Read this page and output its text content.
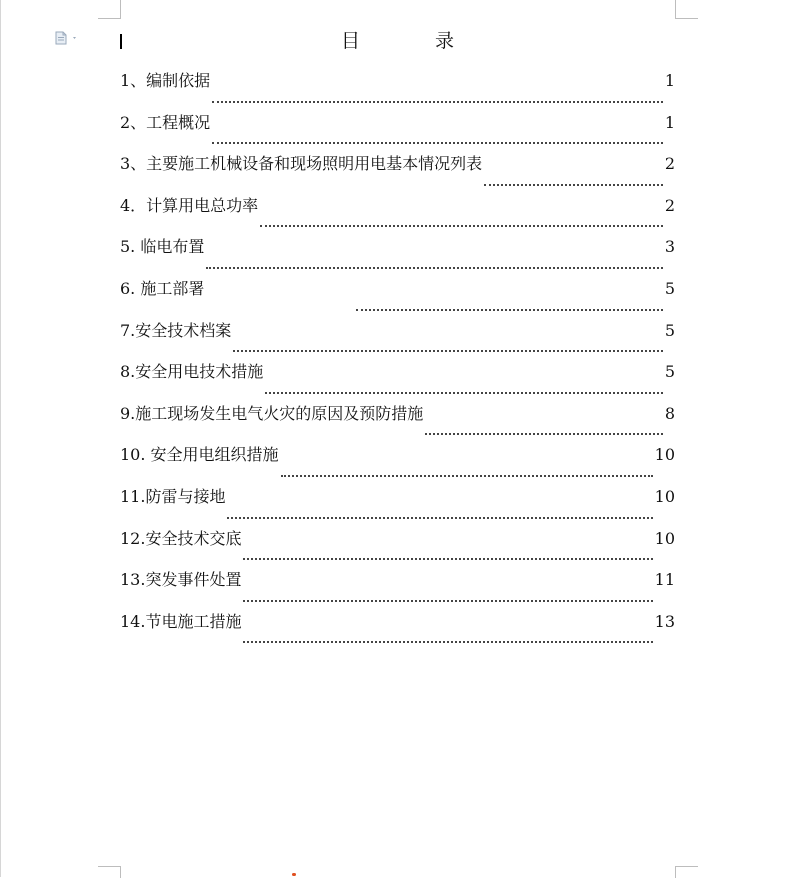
目　录
1、编制依据	1
2、工程概况	1
3、主要施工机械设备和现场照明用电基本情况列表	2
4．计算用电总功率	2
5. 临电布置	3
6. 施工部署	5
7.安全技术档案	5
8.安全用电技术措施	5
9.施工现场发生电气火灾的原因及预防措施	8
10. 安全用电组织措施	10
11.防雷与接地	10
12.安全技术交底	10
13.突发事件处置	11
14.节电施工措施	13
